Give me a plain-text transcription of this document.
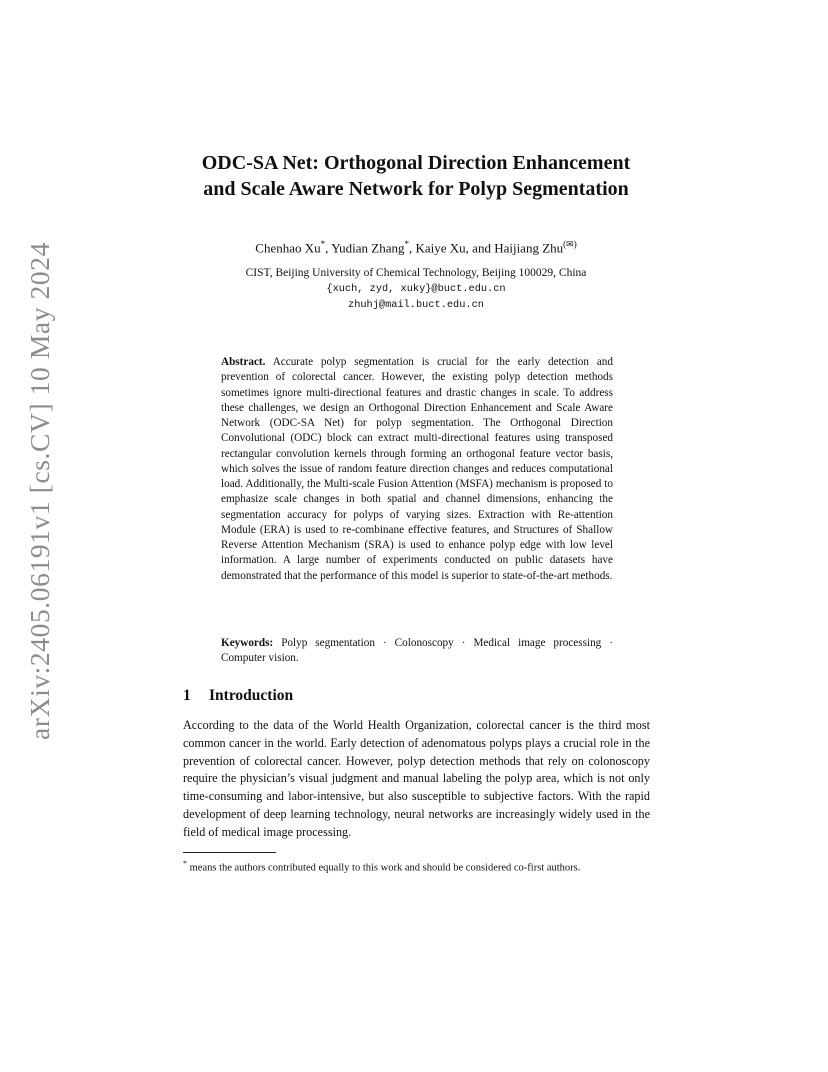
arXiv:2405.06191v1 [cs.CV] 10 May 2024
ODC-SA Net: Orthogonal Direction Enhancement
and Scale Aware Network for Polyp Segmentation
Chenhao Xu*, Yudian Zhang*, Kaiye Xu, and Haijiang Zhu(✉)
CIST, Beijing University of Chemical Technology, Beijing 100029, China
{xuch, zyd, xuky}@buct.edu.cn
zhuhj@mail.buct.edu.cn
Abstract. Accurate polyp segmentation is crucial for the early detection and prevention of colorectal cancer. However, the existing polyp detection methods sometimes ignore multi-directional features and drastic changes in scale. To address these challenges, we design an Orthogonal Direction Enhancement and Scale Aware Network (ODC-SA Net) for polyp segmentation. The Orthogonal Direction Convolutional (ODC) block can extract multi-directional features using transposed rectangular convolution kernels through forming an orthogonal feature vector basis, which solves the issue of random feature direction changes and reduces computational load. Additionally, the Multi-scale Fusion Attention (MSFA) mechanism is proposed to emphasize scale changes in both spatial and channel dimensions, enhancing the segmentation accuracy for polyps of varying sizes. Extraction with Re-attention Module (ERA) is used to re-combinane effective features, and Structures of Shallow Reverse Attention Mechanism (SRA) is used to enhance polyp edge with low level information. A large number of experiments conducted on public datasets have demonstrated that the performance of this model is superior to state-of-the-art methods.
Keywords: Polyp segmentation · Colonoscopy · Medical image processing · Computer vision.
1 Introduction
According to the data of the World Health Organization, colorectal cancer is the third most common cancer in the world. Early detection of adenomatous polyps plays a crucial role in the prevention of colorectal cancer. However, polyp detection methods that rely on colonoscopy require the physician’s visual judgment and manual labeling the polyp area, which is not only time-consuming and labor-intensive, but also susceptible to subjective factors. With the rapid development of deep learning technology, neural networks are increasingly widely used in the field of medical image processing.
* means the authors contributed equally to this work and should be considered co-first authors.
